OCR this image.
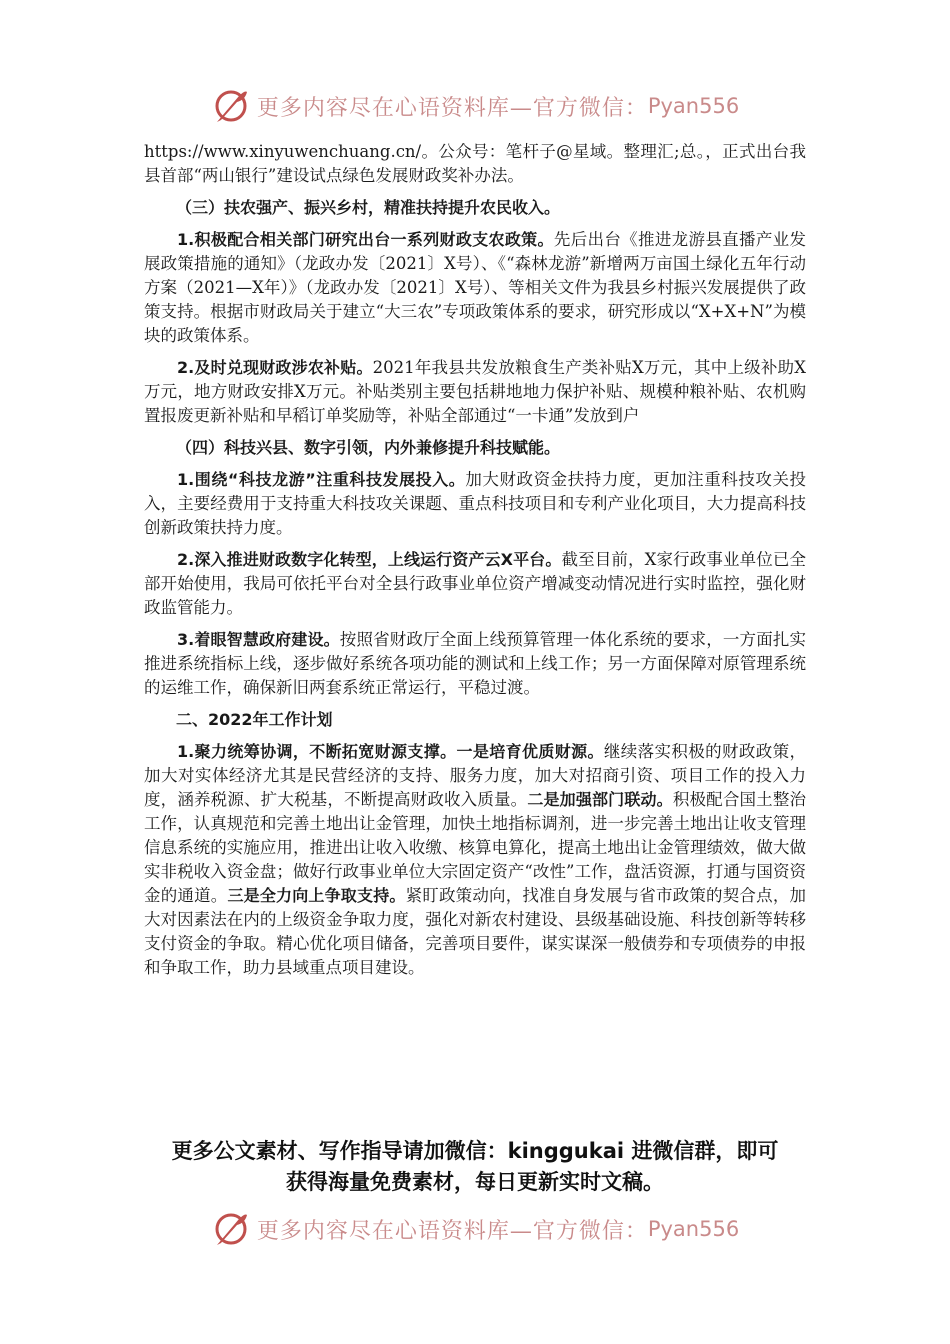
更多内容尽在心语资料库—官方微信： Pyan556

https://www.xinyuwenchuang.cn/。公众号：笔杆子@星域。整理汇;总。，正式出台我县首部“两山银行”建设试点绿色发展财政奖补办法。

（三）扶农强产、振兴乡村，精准扶持提升农民收入。

1.积极配合相关部门研究出台一系列财政支农政策。先后出台《推进龙游县直播产业发展政策措施的通知》（龙政办发〔2021〕X号）、《“森林龙游”新增两万亩国土绿化五年行动方案（2021—X年）》（龙政办发〔2021〕X号）、等相关文件为我县乡村振兴发展提供了政策支持。根据市财政局关于建立“大三农”专项政策体系的要求，研究形成以“X+X+N”为模块的政策体系。

2.及时兑现财政涉农补贴。2021年我县共发放粮食生产类补贴X万元，其中上级补助X万元，地方财政安排X万元。补贴类别主要包括耕地地力保护补贴、规模种粮补贴、农机购置报废更新补贴和早稻订单奖励等，补贴全部通过“一卡通”发放到户

（四）科技兴县、数字引领，内外兼修提升科技赋能。

1.围绕“科技龙游”注重科技发展投入。加大财政资金扶持力度，更加注重科技攻关投入，主要经费用于支持重大科技攻关课题、重点科技项目和专利产业化项目，大力提高科技创新政策扶持力度。

2.深入推进财政数字化转型，上线运行资产云X平台。截至目前，X家行政事业单位已全部开始使用，我局可依托平台对全县行政事业单位资产增减变动情况进行实时监控，强化财政监管能力。

3.着眼智慧政府建设。按照省财政厅全面上线预算管理一体化系统的要求，一方面扎实推进系统指标上线，逐步做好系统各项功能的测试和上线工作；另一方面保障对原管理系统的运维工作，确保新旧两套系统正常运行，平稳过渡。

二、2022年工作计划

1.聚力统筹协调，不断拓宽财源支撑。一是培育优质财源。继续落实积极的财政政策，加大对实体经济尤其是民营经济的支持、服务力度，加大对招商引资、项目工作的投入力度，涵养税源、扩大税基，不断提高财政收入质量。二是加强部门联动。积极配合国土整治工作，认真规范和完善土地出让金管理，加快土地指标调剂，进一步完善土地出让收支管理信息系统的实施应用，推进出让收入收缴、核算电算化，提高土地出让金管理绩效，做大做实非税收入资金盘；做好行政事业单位大宗固定资产“改性”工作，盘活资源，打通与国资资金的通道。三是全力向上争取支持。紧盯政策动向，找准自身发展与省市政策的契合点，加大对因素法在内的上级资金争取力度，强化对新农村建设、县级基础设施、科技创新等转移支付资金的争取。精心优化项目储备，完善项目要件，谋实谋深一般债券和专项债券的申报和争取工作，助力县域重点项目建设。

更多公文素材、写作指导请加微信：kinggukai 进微信群，即可
获得海量免费素材，每日更新实时文稿。
更多内容尽在心语资料库—官方微信： Pyan556
